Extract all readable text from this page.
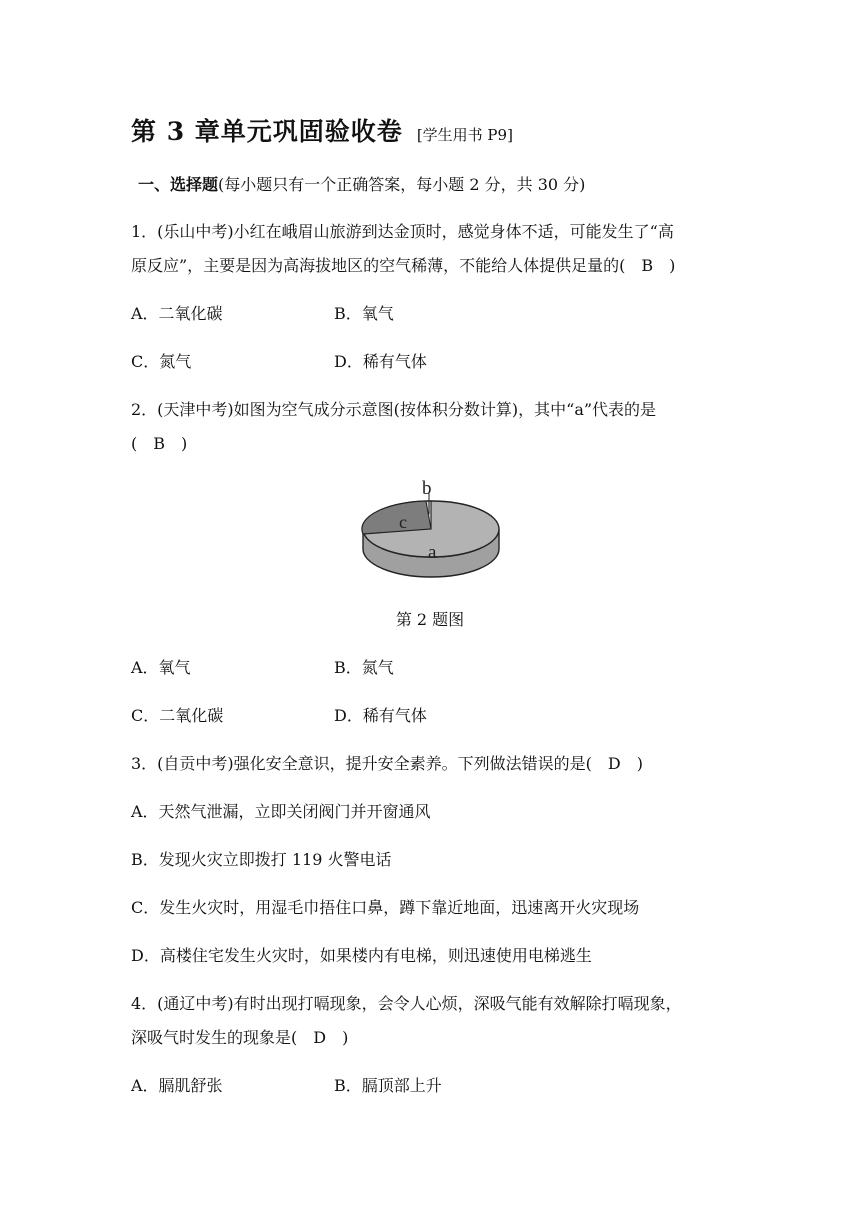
第 3 章单元巩固验收卷 [学生用书 P9]
一、选择题(每小题只有一个正确答案，每小题 2 分，共 30 分)
1．(乐山中考)小红在峨眉山旅游到达金顶时，感觉身体不适，可能发生了“高
原反应”，主要是因为高海拔地区的空气稀薄，不能给人体提供足量的(　B　)
A．二氧化碳	B．氧气
C．氮气	D．稀有气体
2．(天津中考)如图为空气成分示意图(按体积分数计算)，其中“a”代表的是
(　B　)
b
c
a
第 2 题图
A．氧气	B．氮气
C．二氧化碳	D．稀有气体
3．(自贡中考)强化安全意识，提升安全素养。下列做法错误的是(　D　)
A．天然气泄漏，立即关闭阀门并开窗通风
B．发现火灾立即拨打 119 火警电话
C．发生火灾时，用湿毛巾捂住口鼻，蹲下靠近地面，迅速离开火灾现场
D．高楼住宅发生火灾时，如果楼内有电梯，则迅速使用电梯逃生
4．(通辽中考)有时出现打嗝现象，会令人心烦，深吸气能有效解除打嗝现象，
深吸气时发生的现象是(　D　)
A．膈肌舒张	B．膈顶部上升
